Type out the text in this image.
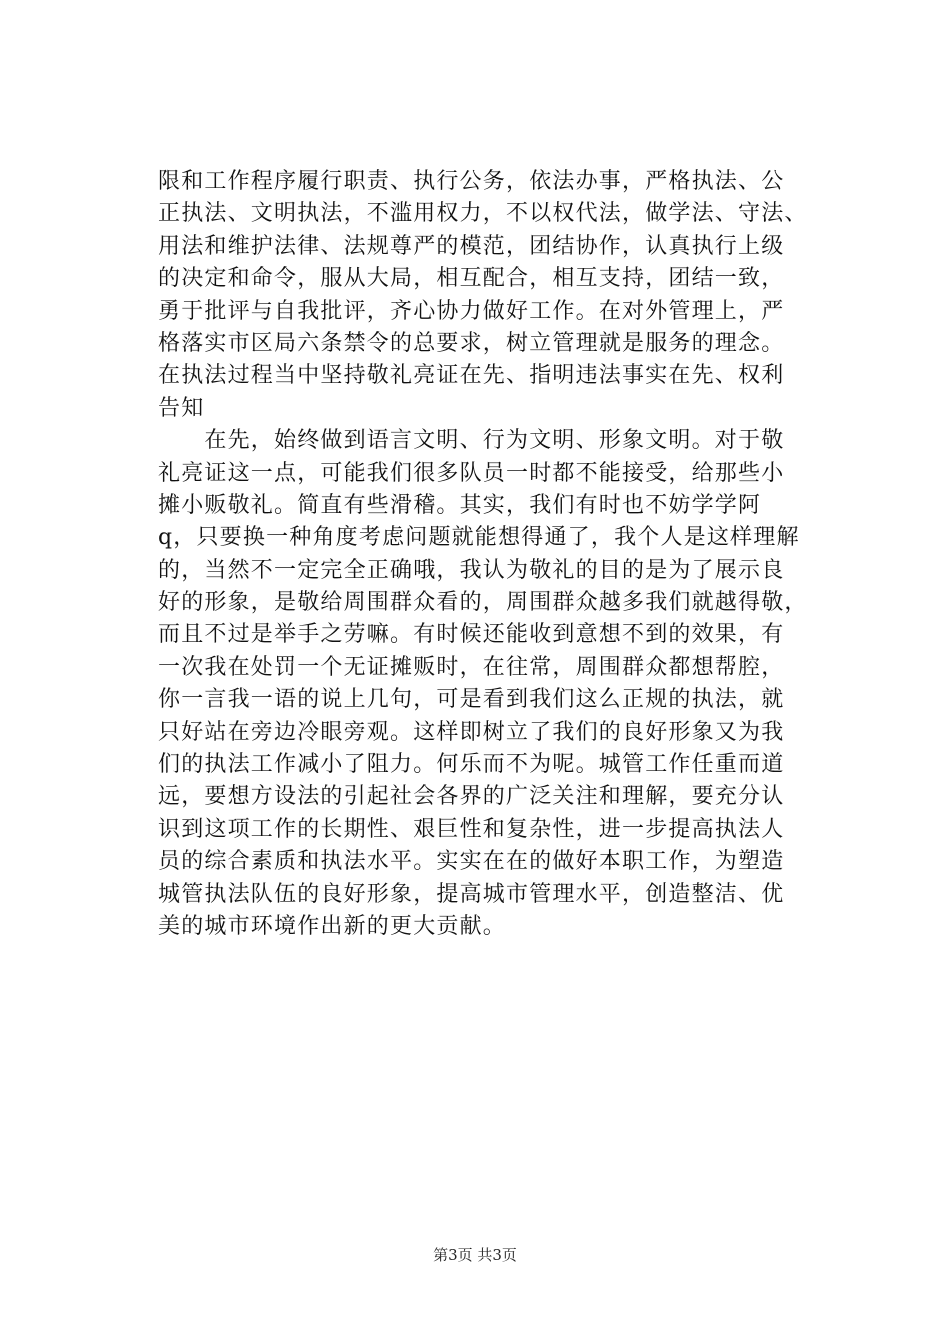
限和工作程序履行职责、执行公务，依法办事，严格执法、公
正执法、文明执法，不滥用权力，不以权代法，做学法、守法、
用法和维护法律、法规尊严的模范，团结协作，认真执行上级
的决定和命令，服从大局，相互配合，相互支持，团结一致，
勇于批评与自我批评，齐心协力做好工作。在对外管理上，严
格落实市区局六条禁令的总要求，树立管理就是服务的理念。
在执法过程当中坚持敬礼亮证在先、指明违法事实在先、权利
告知
　　在先，始终做到语言文明、行为文明、形象文明。对于敬
礼亮证这一点，可能我们很多队员一时都不能接受，给那些小
摊小贩敬礼。简直有些滑稽。其实，我们有时也不妨学学阿
q，只要换一种角度考虑问题就能想得通了，我个人是这样理解
的，当然不一定完全正确哦，我认为敬礼的目的是为了展示良
好的形象，是敬给周围群众看的，周围群众越多我们就越得敬，
而且不过是举手之劳嘛。有时候还能收到意想不到的效果，有
一次我在处罚一个无证摊贩时，在往常，周围群众都想帮腔，
你一言我一语的说上几句，可是看到我们这么正规的执法，就
只好站在旁边冷眼旁观。这样即树立了我们的良好形象又为我
们的执法工作减小了阻力。何乐而不为呢。城管工作任重而道
远，要想方设法的引起社会各界的广泛关注和理解，要充分认
识到这项工作的长期性、艰巨性和复杂性，进一步提高执法人
员的综合素质和执法水平。实实在在的做好本职工作，为塑造
城管执法队伍的良好形象，提高城市管理水平，创造整洁、优
美的城市环境作出新的更大贡献。
第3页 共3页
